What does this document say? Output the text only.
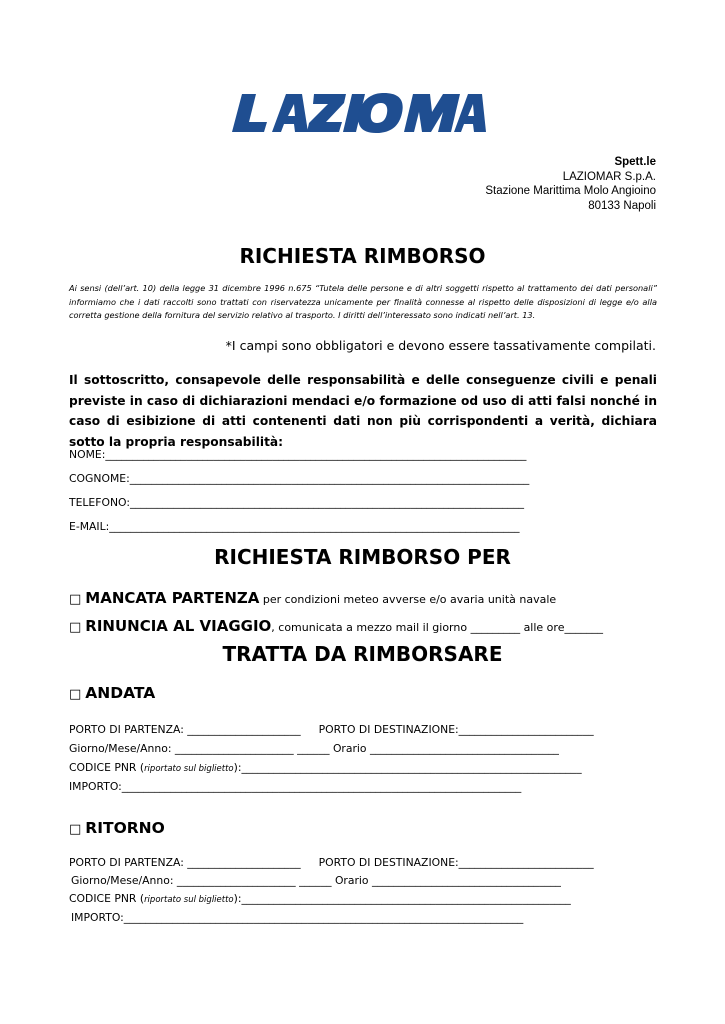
Spett.le
LAZIOMAR S.p.A.
Stazione Marittima Molo Angioino
80133 Napoli
RICHIESTA RIMBORSO
Ai sensi (dell’art. 10) della legge 31 dicembre 1996 n.675 “Tutela delle persone e di altri soggetti rispetto al trattamento dei dati personali” informiamo che i dati raccolti sono trattati con riservatezza unicamente per finalità connesse al rispetto delle disposizioni di legge e/o alla corretta gestione della fornitura del servizio relativo al trasporto. I diritti dell’interessato sono indicati nell’art. 13.
*I campi sono obbligatori e devono essere tassativamente compilati.
Il sottoscritto, consapevole delle responsabilità e delle conseguenze civili e penali previste in caso di dichiarazioni mendaci e/o formazione od uso di atti falsi nonché in caso di esibizione di atti contenenti dati non più corrispondenti a verità, dichiara sotto la propria responsabilità:
NOME:______________________________________________________________________________
COGNOME:__________________________________________________________________________
TELEFONO:_________________________________________________________________________
E-MAIL:____________________________________________________________________________
RICHIESTA RIMBORSO PER
□ MANCATA PARTENZA per condizioni meteo avverse e/o avaria unità navale
□ RINUNCIA AL VIAGGIO, comunicata a mezzo mail il giorno _________ alle ore_______
TRATTA DA RIMBORSARE
□ ANDATA
PORTO DI PARTENZA: _____________________ PORTO DI DESTINAZIONE:_________________________
Giorno/Mese/Anno: ______________________ ______ Orario ___________________________________
CODICE PNR (riportato sul biglietto):_______________________________________________________________
IMPORTO:__________________________________________________________________________
□ RITORNO
PORTO DI PARTENZA: _____________________ PORTO DI DESTINAZIONE:_________________________
Giorno/Mese/Anno: ______________________ ______ Orario ___________________________________
CODICE PNR (riportato sul biglietto):_____________________________________________________________
IMPORTO:__________________________________________________________________________
